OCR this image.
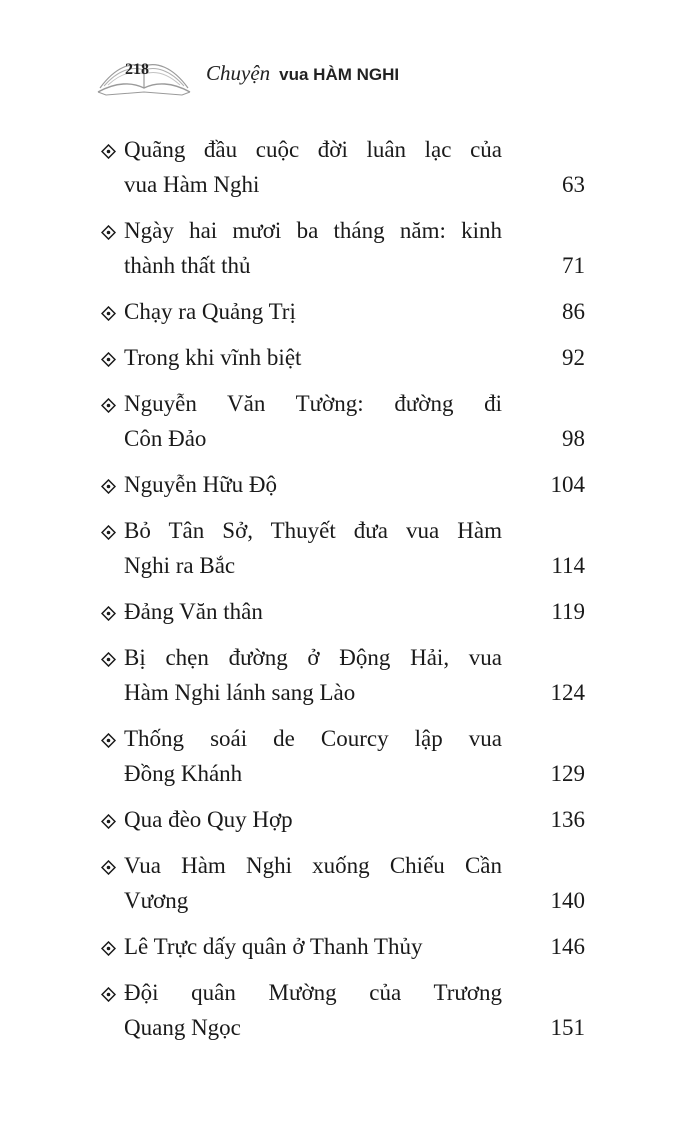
218	Chuyện vua HÀM NGHI
Quãng đầu cuộc đời luân lạc của
vua Hàm Nghi	63
Ngày hai mươi ba tháng năm: kinh
thành thất thủ	71
Chạy ra Quảng Trị	86
Trong khi vĩnh biệt	92
Nguyễn Văn Tường: đường đi
Côn Đảo	98
Nguyễn Hữu Độ	104
Bỏ Tân Sở, Thuyết đưa vua Hàm
Nghi ra Bắc	114
Đảng Văn thân	119
Bị chẹn đường ở Động Hải, vua
Hàm Nghi lánh sang Lào	124
Thống soái de Courcy lập vua
Đồng Khánh	129
Qua đèo Quy Hợp	136
Vua Hàm Nghi xuống Chiếu Cần
Vương	140
Lê Trực dấy quân ở Thanh Thủy	146
Đội quân Mường của Trương
Quang Ngọc	151
